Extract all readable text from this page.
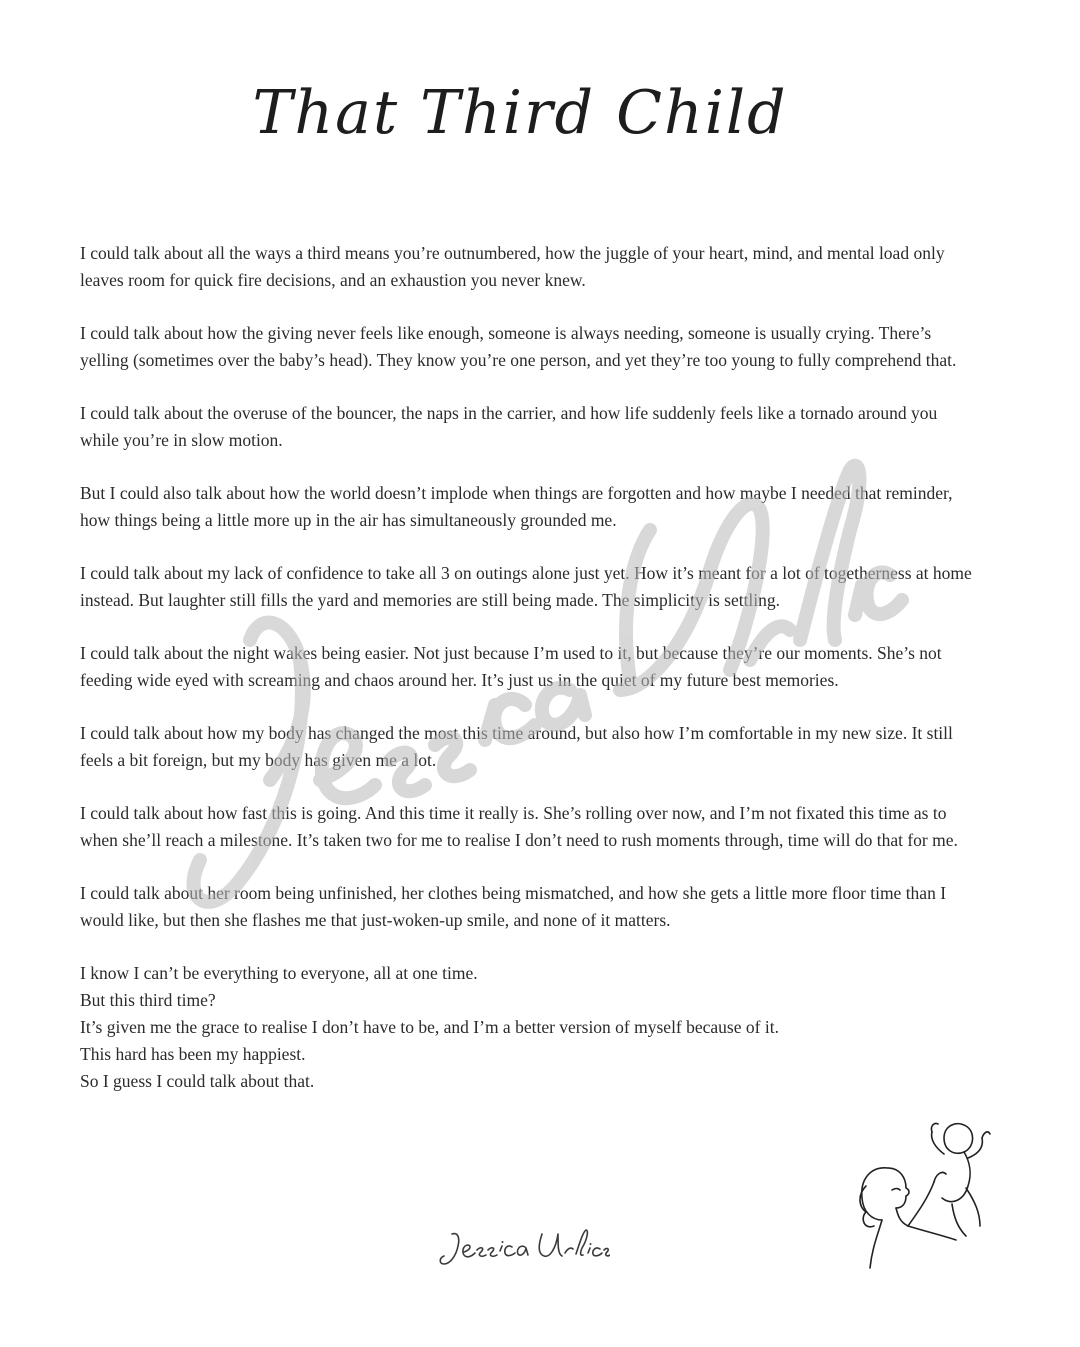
That Third Child

I could talk about all the ways a third means you’re outnumbered, how the juggle of your heart, mind, and mental load only leaves room for quick fire decisions, and an exhaustion you never knew.

I could talk about how the giving never feels like enough, someone is always needing, someone is usually crying. There’s yelling (sometimes over the baby’s head). They know you’re one person, and yet they’re too young to fully comprehend that.

I could talk about the overuse of the bouncer, the naps in the carrier, and how life suddenly feels like a tornado around you while you’re in slow motion.

But I could also talk about how the world doesn’t implode when things are forgotten and how maybe I needed that reminder, how things being a little more up in the air has simultaneously grounded me.

I could talk about my lack of confidence to take all 3 on outings alone just yet. How it’s meant for a lot of togetherness at home instead. But laughter still fills the yard and memories are still being made. The simplicity is settling.

I could talk about the night wakes being easier. Not just because I’m used to it, but because they’re our moments. She’s not feeding wide eyed with screaming and chaos around her. It’s just us in the quiet of my future best memories.

I could talk about how my body has changed the most this time around, but also how I’m comfortable in my new size. It still feels a bit foreign, but my body has given me a lot.

I could talk about how fast this is going. And this time it really is. She’s rolling over now, and I’m not fixated this time as to when she’ll reach a milestone. It’s taken two for me to realise I don’t need to rush moments through, time will do that for me.

I could talk about her room being unfinished, her clothes being mismatched, and how she gets a little more floor time than I would like, but then she flashes me that just-woken-up smile, and none of it matters.

I know I can’t be everything to everyone, all at one time.
But this third time?
It’s given me the grace to realise I don’t have to be, and I’m a better version of myself because of it.
This hard has been my happiest.
So I guess I could talk about that.
